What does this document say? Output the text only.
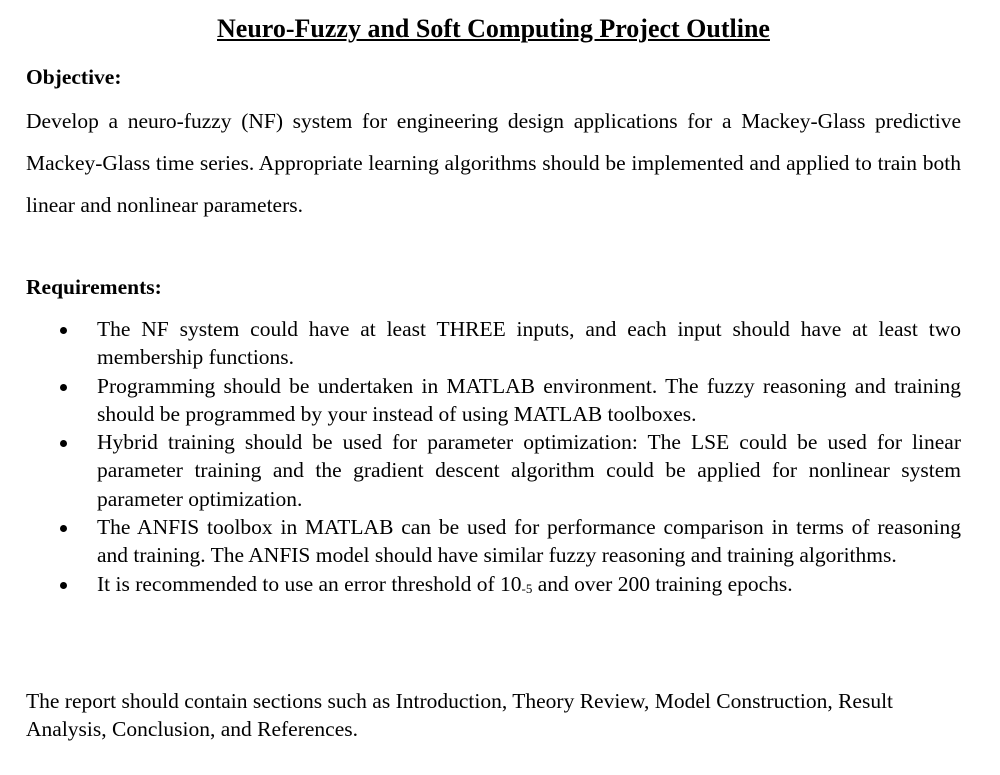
Neuro-Fuzzy and Soft Computing Project Outline
Objective:
Develop a neuro-fuzzy (NF) system for engineering design applications for a Mackey-Glass predictive Mackey-Glass time series. Appropriate learning algorithms should be implemented and applied to train both linear and nonlinear parameters.
Requirements:
The NF system could have at least THREE inputs, and each input should have at least two membership functions.
Programming should be undertaken in MATLAB environment. The fuzzy reasoning and training should be programmed by your instead of using MATLAB toolboxes.
Hybrid training should be used for parameter optimization: The LSE could be used for linear parameter training and the gradient descent algorithm could be applied for nonlinear system parameter optimization.
The ANFIS toolbox in MATLAB can be used for performance comparison in terms of reasoning and training. The ANFIS model should have similar fuzzy reasoning and training algorithms.
It is recommended to use an error threshold of 10-5 and over 200 training epochs.
The report should contain sections such as Introduction, Theory Review, Model Construction, Result Analysis, Conclusion, and References.
